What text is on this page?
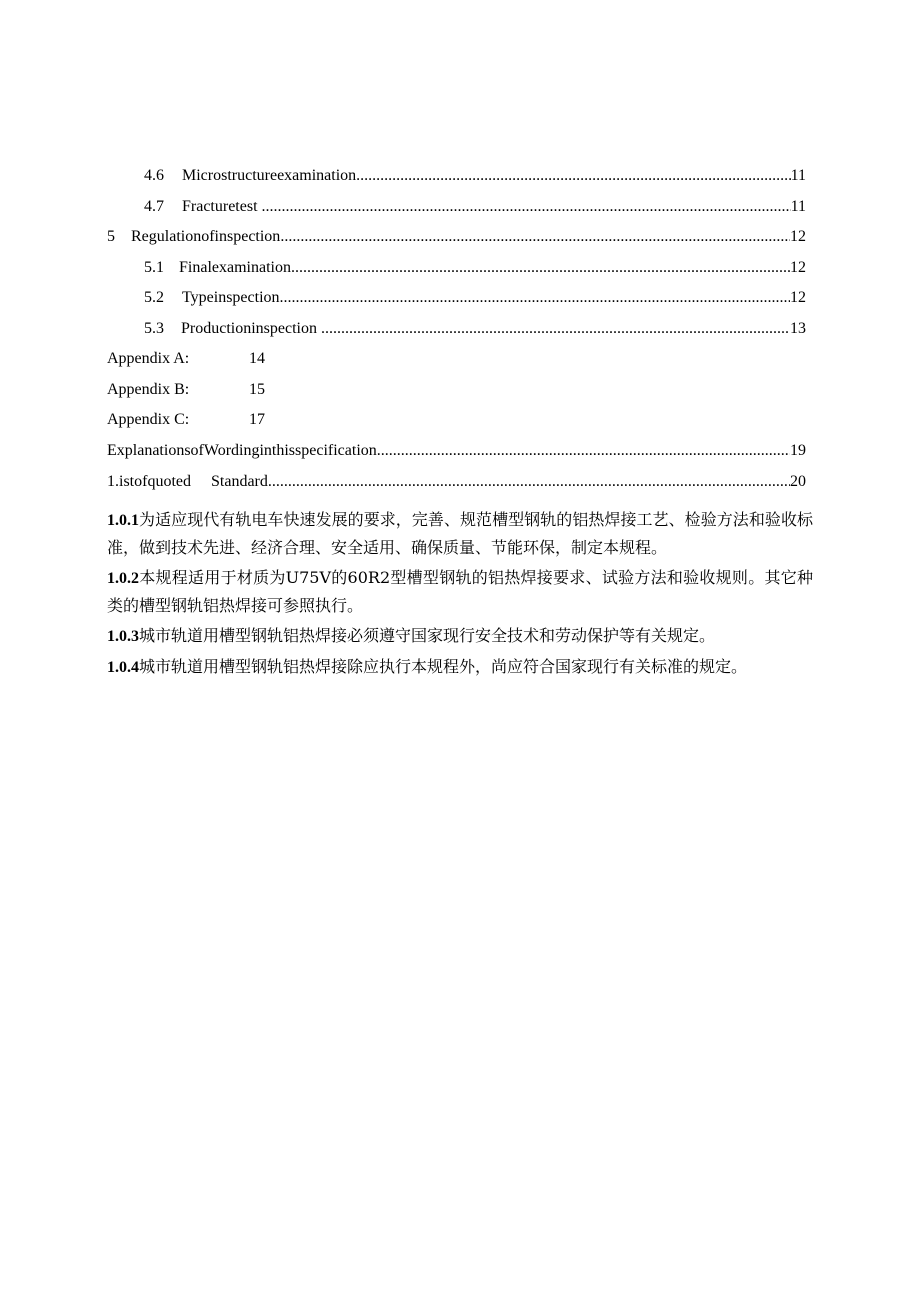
4.6 Microstructureexamination .....	11
4.7 Fracturetest .....	11
5 Regulationofinspection .....	12
5.1 Finalexamination .....	12
5.2 Typeinspection .....	12
5.3 Productioninspection .....	13
Appendix A:	14
Appendix B:	15
Appendix C:	17
ExplanationsofWordinginthisspecification .....	19
1.istofquoted Standard .....	20

1.0.1为适应现代有轨电车快速发展的要求，完善、规范槽型钢轨的铝热焊接工艺、检验方法和验收标准，做到技术先进、经济合理、安全适用、确保质量、节能环保，制定本规程。

1.0.2本规程适用于材质为U75V的60R2型槽型钢轨的铝热焊接要求、试验方法和验收规则。其它种类的槽型钢轨铝热焊接可参照执行。

1.0.3城市轨道用槽型钢轨铝热焊接必须遵守国家现行安全技术和劳动保护等有关规定。

1.0.4城市轨道用槽型钢轨铝热焊接除应执行本规程外，尚应符合国家现行有关标准的规定。
